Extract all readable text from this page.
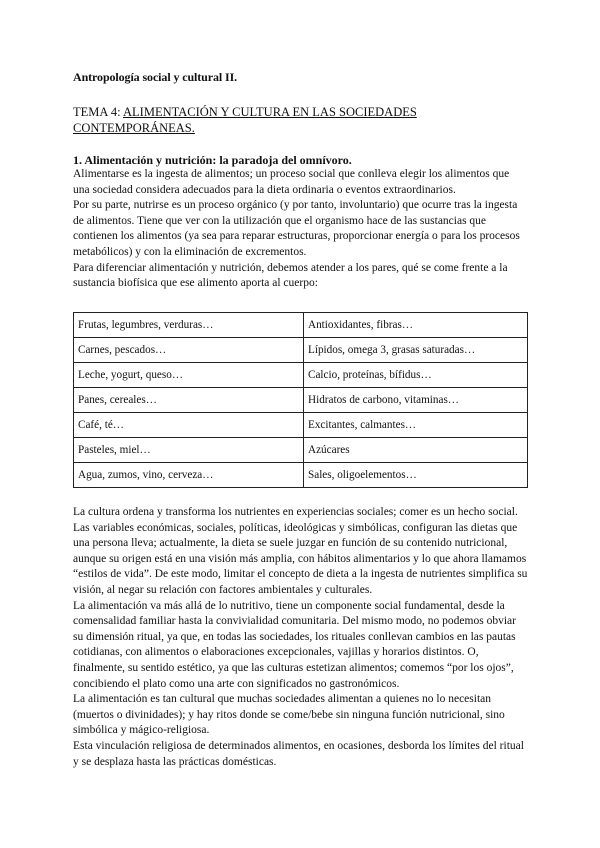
Antropología social y cultural II.
TEMA 4: ALIMENTACIÓN Y CULTURA EN LAS SOCIEDADES CONTEMPORÁNEAS.
1. Alimentación y nutrición: la paradoja del omnívoro.

Alimentarse es la ingesta de alimentos; un proceso social que conlleva elegir los alimentos que una sociedad considera adecuados para la dieta ordinaria o eventos extraordinarios.

Por su parte, nutrirse es un proceso orgánico (y por tanto, involuntario) que ocurre tras la ingesta de alimentos. Tiene que ver con la utilización que el organismo hace de las sustancias que contienen los alimentos (ya sea para reparar estructuras, proporcionar energía o para los procesos metabólicos) y con la eliminación de excrementos.

Para diferenciar alimentación y nutrición, debemos atender a los pares, qué se come frente a la sustancia biofísica que ese alimento aporta al cuerpo:

Frutas, legumbres, verduras…	Antioxidantes, fibras…
Carnes, pescados…	Lípidos, omega 3, grasas saturadas…
Leche, yogurt, queso…	Calcio, proteínas, bífidus…
Panes, cereales…	Hidratos de carbono, vitaminas…
Café, té…	Excitantes, calmantes…
Pasteles, miel…	Azúcares
Agua, zumos, vino, cerveza…	Sales, oligoelementos…

La cultura ordena y transforma los nutrientes en experiencias sociales; comer es un hecho social. Las variables económicas, sociales, políticas, ideológicas y simbólicas, configuran las dietas que una persona lleva; actualmente, la dieta se suele juzgar en función de su contenido nutricional, aunque su origen está en una visión más amplia, con hábitos alimentarios y lo que ahora llamamos “estilos de vida”. De este modo, limitar el concepto de dieta a la ingesta de nutrientes simplifica su visión, al negar su relación con factores ambientales y culturales.

La alimentación va más allá de lo nutritivo, tiene un componente social fundamental, desde la comensalidad familiar hasta la convivialidad comunitaria. Del mismo modo, no podemos obviar su dimensión ritual, ya que, en todas las sociedades, los rituales conllevan cambios en las pautas cotidianas, con alimentos o elaboraciones excepcionales, vajillas y horarios distintos. O, finalmente, su sentido estético, ya que las culturas estetizan alimentos; comemos “por los ojos”, concibiendo el plato como una arte con significados no gastronómicos.

La alimentación es tan cultural que muchas sociedades alimentan a quienes no lo necesitan (muertos o divinidades); y hay ritos donde se come/bebe sin ninguna función nutricional, sino simbólica y mágico-religiosa.

Esta vinculación religiosa de determinados alimentos, en ocasiones, desborda los límites del ritual y se desplaza hasta las prácticas domésticas.
